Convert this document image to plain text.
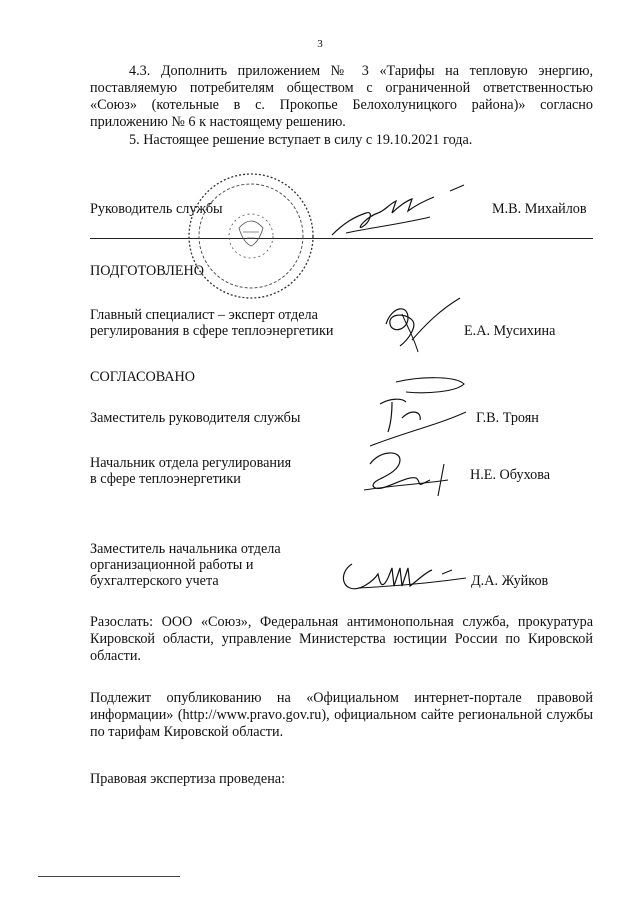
3
4.3. Дополнить приложением № 3 «Тарифы на тепловую энергию, поставляемую потребителям обществом с ограниченной ответственностью «Союз» (котельные в с. Прокопье Белохолуницкого района)» согласно приложению № 6 к настоящему решению.
5. Настоящее решение вступает в силу с 19.10.2021 года.
Руководитель службы	М.В. Михайлов
ПОДГОТОВЛЕНО
Главный специалист – эксперт отдела
регулирования в сфере теплоэнергетики	Е.А. Мусихина
СОГЛАСОВАНО
Заместитель руководителя службы	Г.В. Троян
Начальник отдела регулирования
в сфере теплоэнергетики	Н.Е. Обухова
Заместитель начальника отдела
организационной работы и
бухгалтерского учета	Д.А. Жуйков
Разослать: ООО «Союз», Федеральная антимонопольная служба, прокуратура Кировской области, управление Министерства юстиции России по Кировской области.
Подлежит опубликованию на «Официальном интернет-портале правовой информации» (http://www.pravo.gov.ru), официальном сайте региональной службы по тарифам Кировской области.
Правовая экспертиза проведена:
